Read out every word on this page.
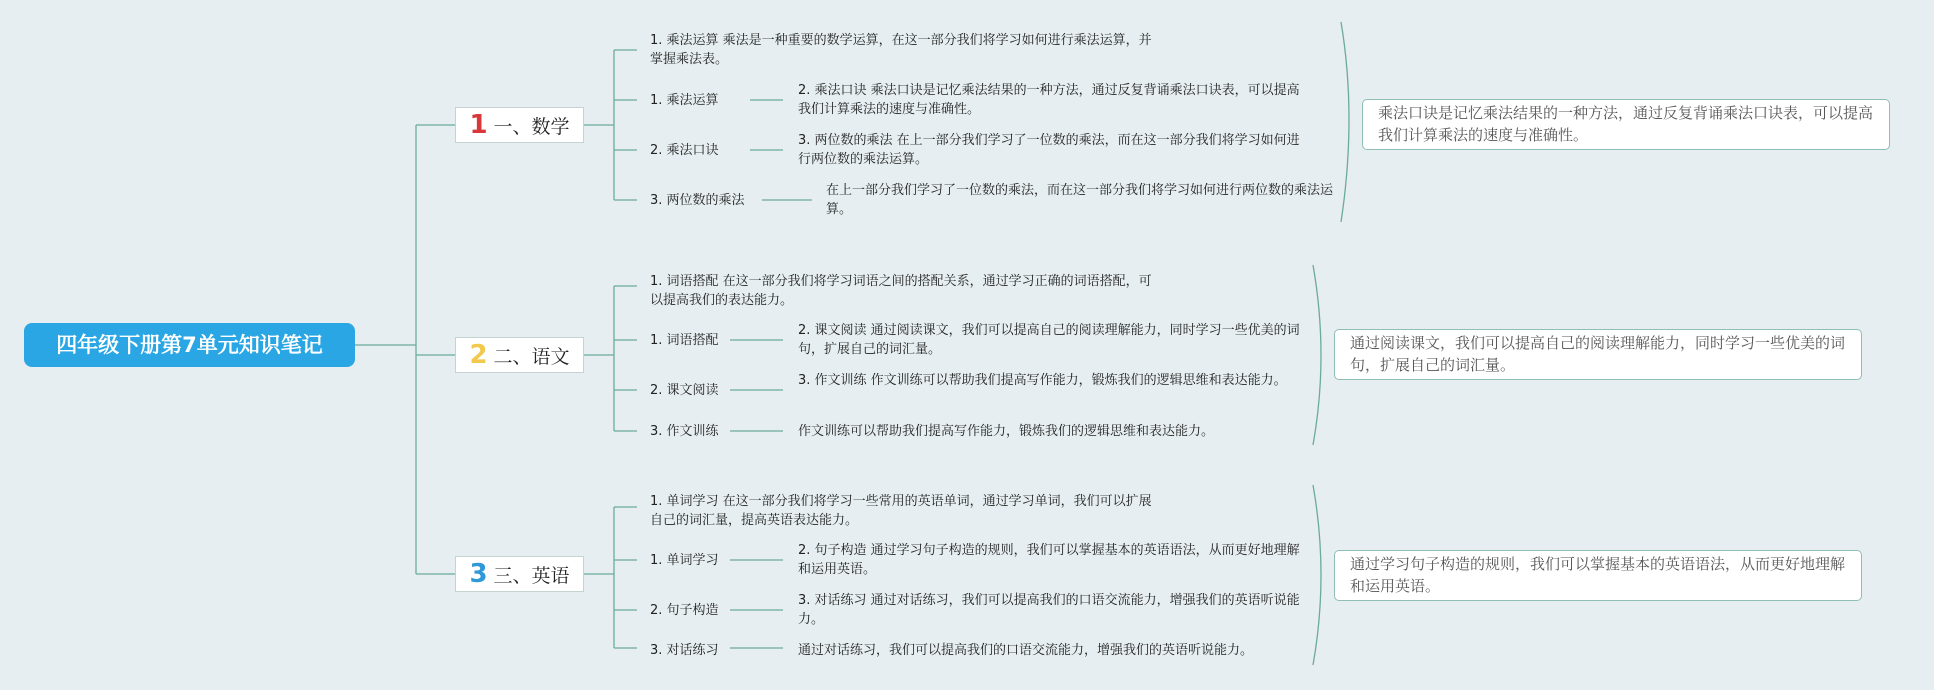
四年级下册第7单元知识笔记
1 一、数学
1. 乘法运算 乘法是一种重要的数学运算，在这一部分我们将学习如何进行乘法运算，并掌握乘法表。
1. 乘法运算
2. 乘法口诀
3. 两位数的乘法
2. 乘法口诀 乘法口诀是记忆乘法结果的一种方法，通过反复背诵乘法口诀表，可以提高我们计算乘法的速度与准确性。
3. 两位数的乘法 在上一部分我们学习了一位数的乘法，而在这一部分我们将学习如何进行两位数的乘法运算。
在上一部分我们学习了一位数的乘法，而在这一部分我们将学习如何进行两位数的乘法运算。
乘法口诀是记忆乘法结果的一种方法，通过反复背诵乘法口诀表，可以提高我们计算乘法的速度与准确性。
2 二、语文
1. 词语搭配 在这一部分我们将学习词语之间的搭配关系，通过学习正确的词语搭配，可以提高我们的表达能力。
1. 词语搭配
2. 课文阅读
3. 作文训练
2. 课文阅读 通过阅读课文，我们可以提高自己的阅读理解能力，同时学习一些优美的词句，扩展自己的词汇量。
3. 作文训练 作文训练可以帮助我们提高写作能力，锻炼我们的逻辑思维和表达能力。
作文训练可以帮助我们提高写作能力，锻炼我们的逻辑思维和表达能力。
通过阅读课文，我们可以提高自己的阅读理解能力，同时学习一些优美的词句，扩展自己的词汇量。
3 三、英语
1. 单词学习 在这一部分我们将学习一些常用的英语单词，通过学习单词，我们可以扩展自己的词汇量，提高英语表达能力。
1. 单词学习
2. 句子构造
3. 对话练习
2. 句子构造 通过学习句子构造的规则，我们可以掌握基本的英语语法，从而更好地理解和运用英语。
3. 对话练习 通过对话练习，我们可以提高我们的口语交流能力，增强我们的英语听说能力。
通过对话练习，我们可以提高我们的口语交流能力，增强我们的英语听说能力。
通过学习句子构造的规则，我们可以掌握基本的英语语法，从而更好地理解和运用英语。
